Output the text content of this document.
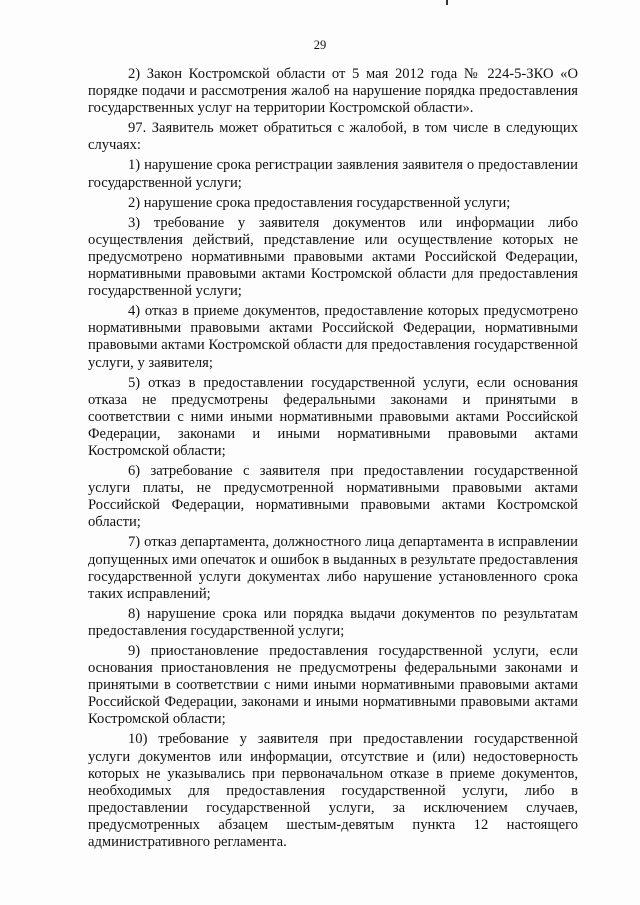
29

2) Закон Костромской области от 5 мая 2012 года № 224-5-ЗКО «О порядке подачи и рассмотрения жалоб на нарушение порядка предоставления государственных услуг на территории Костромской области».

97. Заявитель может обратиться с жалобой, в том числе в следующих случаях:

1) нарушение срока регистрации заявления заявителя о предоставлении государственной услуги;

2) нарушение срока предоставления государственной услуги;

3) требование у заявителя документов или информации либо осуществления действий, представление или осуществление которых не предусмотрено нормативными правовыми актами Российской Федерации, нормативными правовыми актами Костромской области для предоставления государственной услуги;

4) отказ в приеме документов, предоставление которых предусмотрено нормативными правовыми актами Российской Федерации, нормативными правовыми актами Костромской области для предоставления государственной услуги, у заявителя;

5) отказ в предоставлении государственной услуги, если основания отказа не предусмотрены федеральными законами и принятыми в соответствии с ними иными нормативными правовыми актами Российской Федерации, законами и иными нормативными правовыми актами Костромской области;

6) затребование с заявителя при предоставлении государственной услуги платы, не предусмотренной нормативными правовыми актами Российской Федерации, нормативными правовыми актами Костромской области;

7) отказ департамента, должностного лица департамента в исправлении допущенных ими опечаток и ошибок в выданных в результате предоставления государственной услуги документах либо нарушение установленного срока таких исправлений;

8) нарушение срока или порядка выдачи документов по результатам предоставления государственной услуги;

9) приостановление предоставления государственной услуги, если основания приостановления не предусмотрены федеральными законами и принятыми в соответствии с ними иными нормативными правовыми актами Российской Федерации, законами и иными нормативными правовыми актами Костромской области;

10) требование у заявителя при предоставлении государственной услуги документов или информации, отсутствие и (или) недостоверность которых не указывались при первоначальном отказе в приеме документов, необходимых для предоставления государственной услуги, либо в предоставлении государственной услуги, за исключением случаев, предусмотренных абзацем шестым-девятым пункта 12 настоящего административного регламента.
